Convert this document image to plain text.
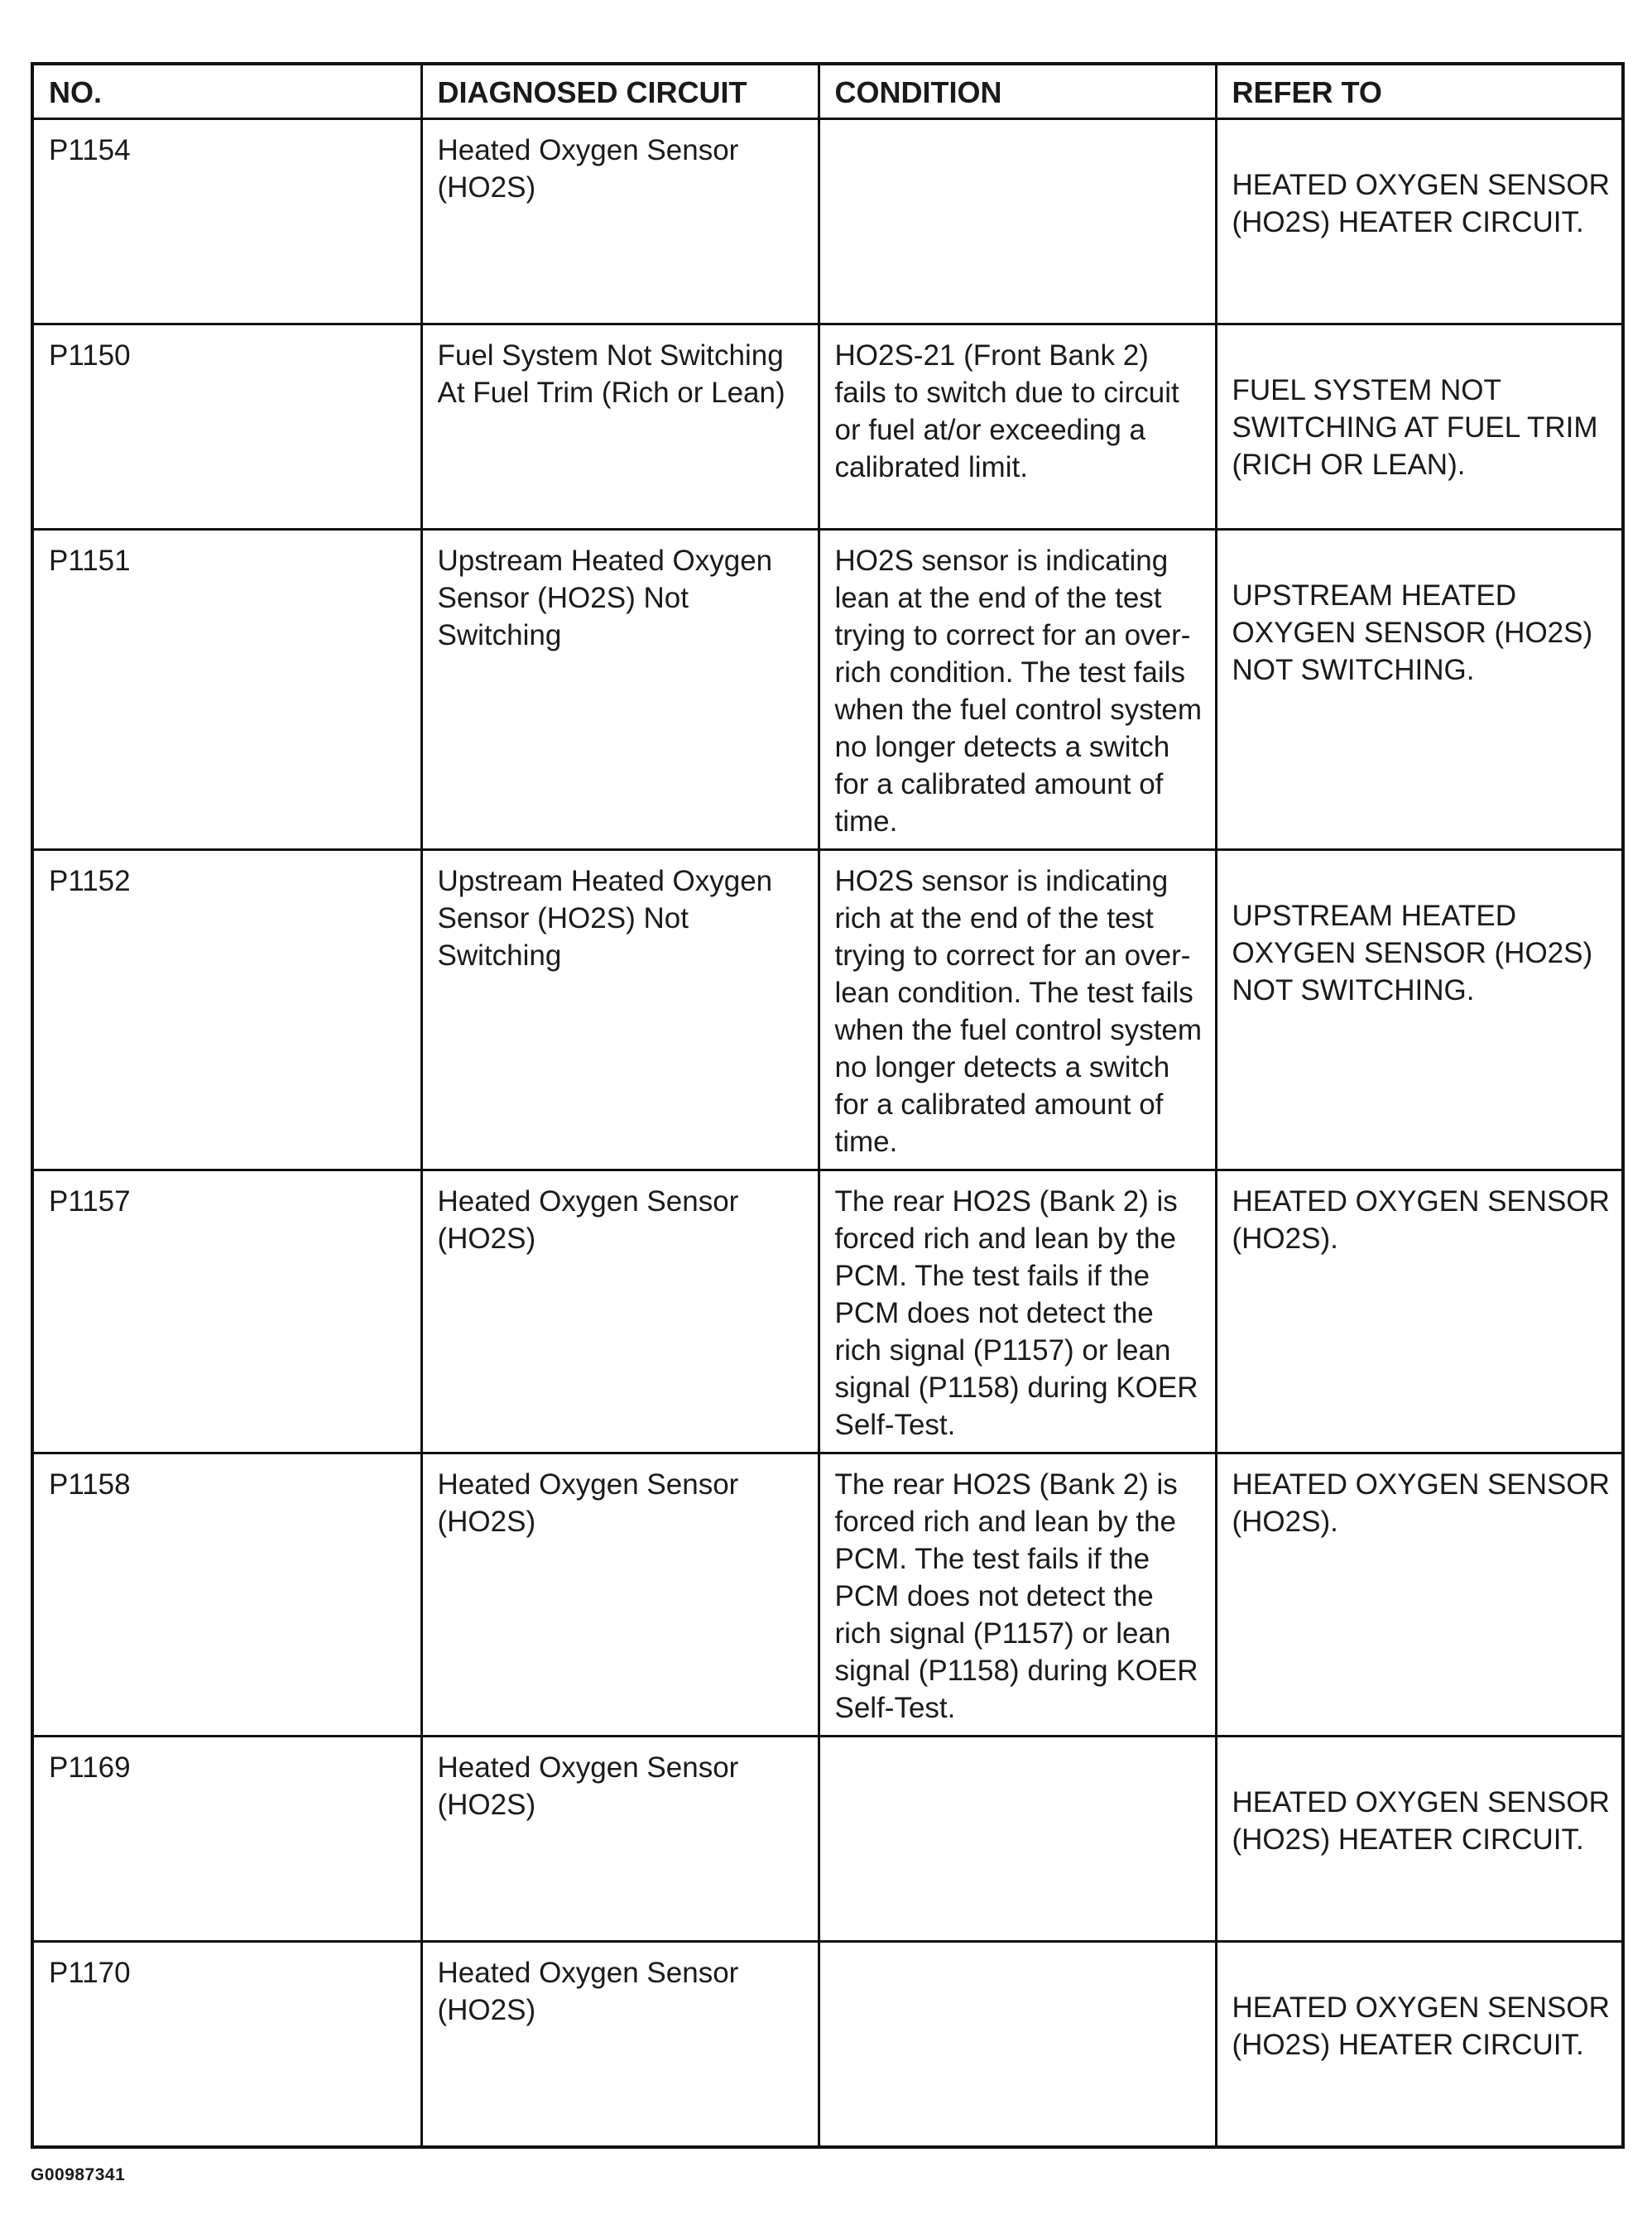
NO.	DIAGNOSED CIRCUIT	CONDITION	REFER TO
P1154	Heated Oxygen Sensor (HO2S)		HEATED OXYGEN SENSOR (HO2S) HEATER CIRCUIT.
P1150	Fuel System Not Switching At Fuel Trim (Rich or Lean)	HO2S-21 (Front Bank 2) fails to switch due to circuit or fuel at/or exceeding a calibrated limit.	FUEL SYSTEM NOT SWITCHING AT FUEL TRIM (RICH OR LEAN).
P1151	Upstream Heated Oxygen Sensor (HO2S) Not Switching	HO2S sensor is indicating lean at the end of the test trying to correct for an over-rich condition. The test fails when the fuel control system no longer detects a switch for a calibrated amount of time.	UPSTREAM HEATED OXYGEN SENSOR (HO2S) NOT SWITCHING.
P1152	Upstream Heated Oxygen Sensor (HO2S) Not Switching	HO2S sensor is indicating rich at the end of the test trying to correct for an over-lean condition. The test fails when the fuel control system no longer detects a switch for a calibrated amount of time.	UPSTREAM HEATED OXYGEN SENSOR (HO2S) NOT SWITCHING.
P1157	Heated Oxygen Sensor (HO2S)	The rear HO2S (Bank 2) is forced rich and lean by the PCM. The test fails if the PCM does not detect the rich signal (P1157) or lean signal (P1158) during KOER Self-Test.	HEATED OXYGEN SENSOR (HO2S).
P1158	Heated Oxygen Sensor (HO2S)	The rear HO2S (Bank 2) is forced rich and lean by the PCM. The test fails if the PCM does not detect the rich signal (P1157) or lean signal (P1158) during KOER Self-Test.	HEATED OXYGEN SENSOR (HO2S).
P1169	Heated Oxygen Sensor (HO2S)		HEATED OXYGEN SENSOR (HO2S) HEATER CIRCUIT.
P1170	Heated Oxygen Sensor (HO2S)		HEATED OXYGEN SENSOR (HO2S) HEATER CIRCUIT.
G00987341
